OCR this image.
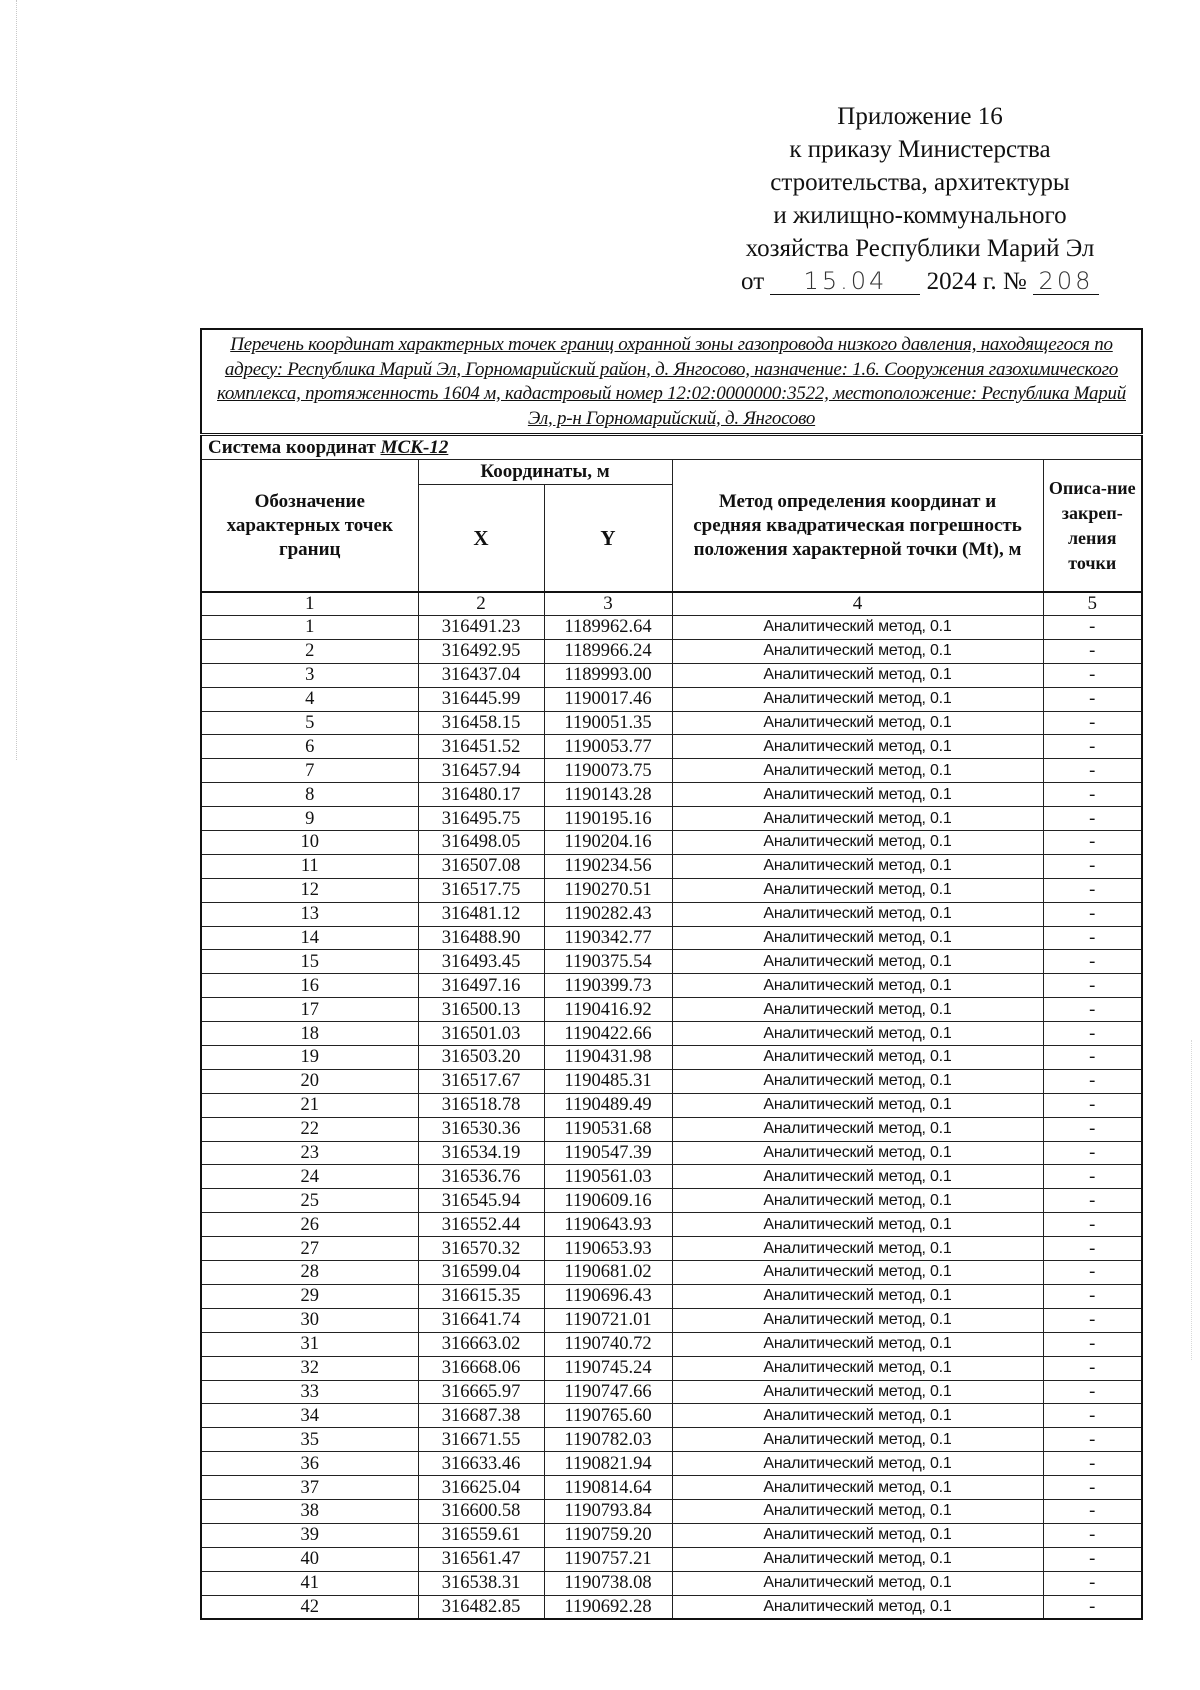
Приложение 16
к приказу Министерства
строительства, архитектуры
и жилищно-коммунального
хозяйства Республики Марий Эл
от 15.04 2024 г. № 208
Перечень координат характерных точек границ охранной зоны газопровода низкого давления, находящегося по адресу: Республика Марий Эл, Горномарийский район, д. Янгосово, назначение: 1.6. Сооружения газохимического комплекса, протяженность 1604 м, кадастровый номер 12:02:0000000:3522, местоположение: Республика Марий Эл, р-н Горномарийский, д. Янгосово				
Система координат МСК-12				
Обозначение характерных точек границ	Координаты, м		Метод определения координат и средняя квадратическая погрешность положения характерной точки (Mt), м	Описа-ние закреп-ления точки
	X	Y		
1	2	3	4	5
1	316491.23	1189962.64	Аналитический метод, 0.1	-
2	316492.95	1189966.24	Аналитический метод, 0.1	-
3	316437.04	1189993.00	Аналитический метод, 0.1	-
4	316445.99	1190017.46	Аналитический метод, 0.1	-
5	316458.15	1190051.35	Аналитический метод, 0.1	-
6	316451.52	1190053.77	Аналитический метод, 0.1	-
7	316457.94	1190073.75	Аналитический метод, 0.1	-
8	316480.17	1190143.28	Аналитический метод, 0.1	-
9	316495.75	1190195.16	Аналитический метод, 0.1	-
10	316498.05	1190204.16	Аналитический метод, 0.1	-
11	316507.08	1190234.56	Аналитический метод, 0.1	-
12	316517.75	1190270.51	Аналитический метод, 0.1	-
13	316481.12	1190282.43	Аналитический метод, 0.1	-
14	316488.90	1190342.77	Аналитический метод, 0.1	-
15	316493.45	1190375.54	Аналитический метод, 0.1	-
16	316497.16	1190399.73	Аналитический метод, 0.1	-
17	316500.13	1190416.92	Аналитический метод, 0.1	-
18	316501.03	1190422.66	Аналитический метод, 0.1	-
19	316503.20	1190431.98	Аналитический метод, 0.1	-
20	316517.67	1190485.31	Аналитический метод, 0.1	-
21	316518.78	1190489.49	Аналитический метод, 0.1	-
22	316530.36	1190531.68	Аналитический метод, 0.1	-
23	316534.19	1190547.39	Аналитический метод, 0.1	-
24	316536.76	1190561.03	Аналитический метод, 0.1	-
25	316545.94	1190609.16	Аналитический метод, 0.1	-
26	316552.44	1190643.93	Аналитический метод, 0.1	-
27	316570.32	1190653.93	Аналитический метод, 0.1	-
28	316599.04	1190681.02	Аналитический метод, 0.1	-
29	316615.35	1190696.43	Аналитический метод, 0.1	-
30	316641.74	1190721.01	Аналитический метод, 0.1	-
31	316663.02	1190740.72	Аналитический метод, 0.1	-
32	316668.06	1190745.24	Аналитический метод, 0.1	-
33	316665.97	1190747.66	Аналитический метод, 0.1	-
34	316687.38	1190765.60	Аналитический метод, 0.1	-
35	316671.55	1190782.03	Аналитический метод, 0.1	-
36	316633.46	1190821.94	Аналитический метод, 0.1	-
37	316625.04	1190814.64	Аналитический метод, 0.1	-
38	316600.58	1190793.84	Аналитический метод, 0.1	-
39	316559.61	1190759.20	Аналитический метод, 0.1	-
40	316561.47	1190757.21	Аналитический метод, 0.1	-
41	316538.31	1190738.08	Аналитический метод, 0.1	-
42	316482.85	1190692.28	Аналитический метод, 0.1	-
